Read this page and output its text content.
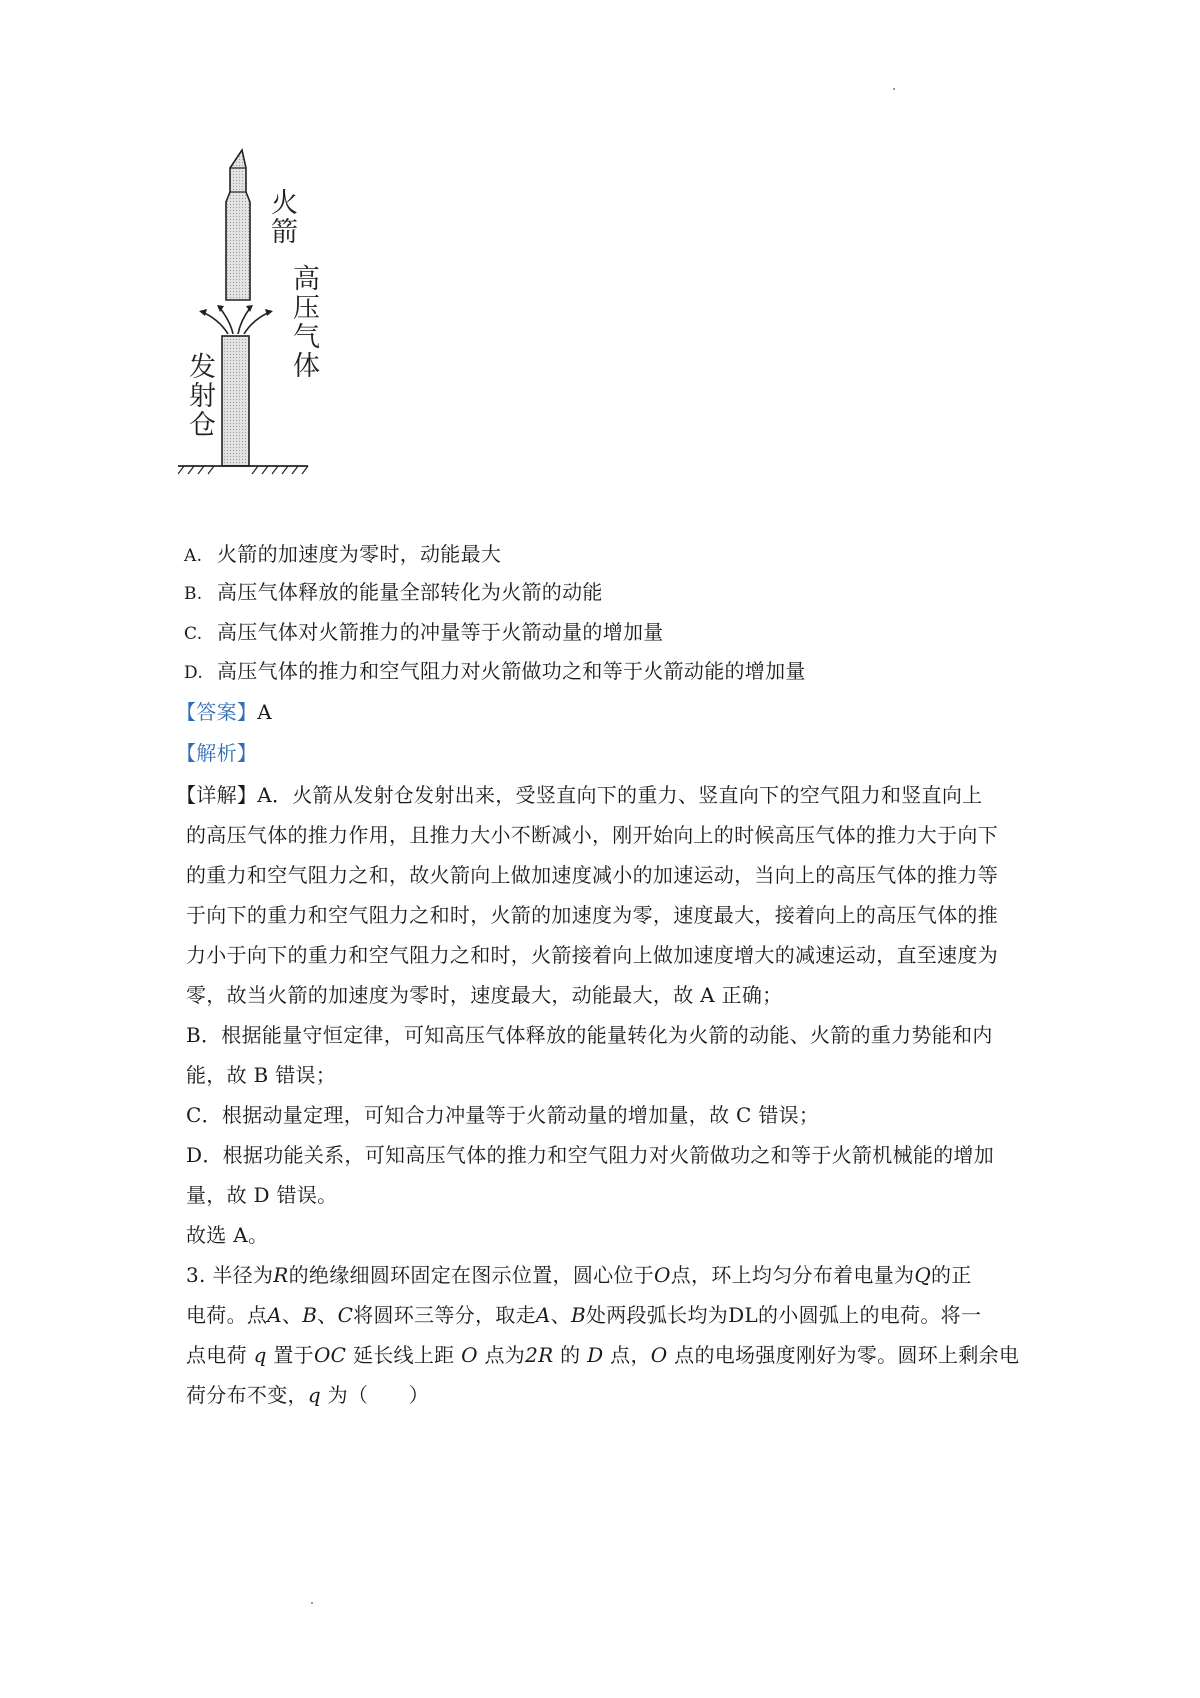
火箭
高压气体
发射仓
A. 火箭的加速度为零时，动能最大
B. 高压气体释放的能量全部转化为火箭的动能
C. 高压气体对火箭推力的冲量等于火箭动量的增加量
D. 高压气体的推力和空气阻力对火箭做功之和等于火箭动能的增加量
【答案】A
【解析】
【详解】A．火箭从发射仓发射出来，受竖直向下的重力、竖直向下的空气阻力和竖直向上
的高压气体的推力作用，且推力大小不断减小，刚开始向上的时候高压气体的推力大于向下
的重力和空气阻力之和，故火箭向上做加速度减小的加速运动，当向上的高压气体的推力等
于向下的重力和空气阻力之和时，火箭的加速度为零，速度最大，接着向上的高压气体的推
力小于向下的重力和空气阻力之和时，火箭接着向上做加速度增大的减速运动，直至速度为
零，故当火箭的加速度为零时，速度最大，动能最大，故 A 正确；
B．根据能量守恒定律，可知高压气体释放的能量转化为火箭的动能、火箭的重力势能和内
能，故 B 错误；
C．根据动量定理，可知合力冲量等于火箭动量的增加量，故 C 错误；
D．根据功能关系，可知高压气体的推力和空气阻力对火箭做功之和等于火箭机械能的增加
量，故 D 错误。
故选 A。
3. 半径为R的绝缘细圆环固定在图示位置，圆心位于O点，环上均匀分布着电量为Q的正
电荷。点A、B、C将圆环三等分，取走A、B处两段弧长均为DL的小圆弧上的电荷。将一
点电荷 q 置于OC 延长线上距 O 点为2R 的 D 点，O 点的电场强度刚好为零。圆环上剩余电
荷分布不变，q 为（　　）
